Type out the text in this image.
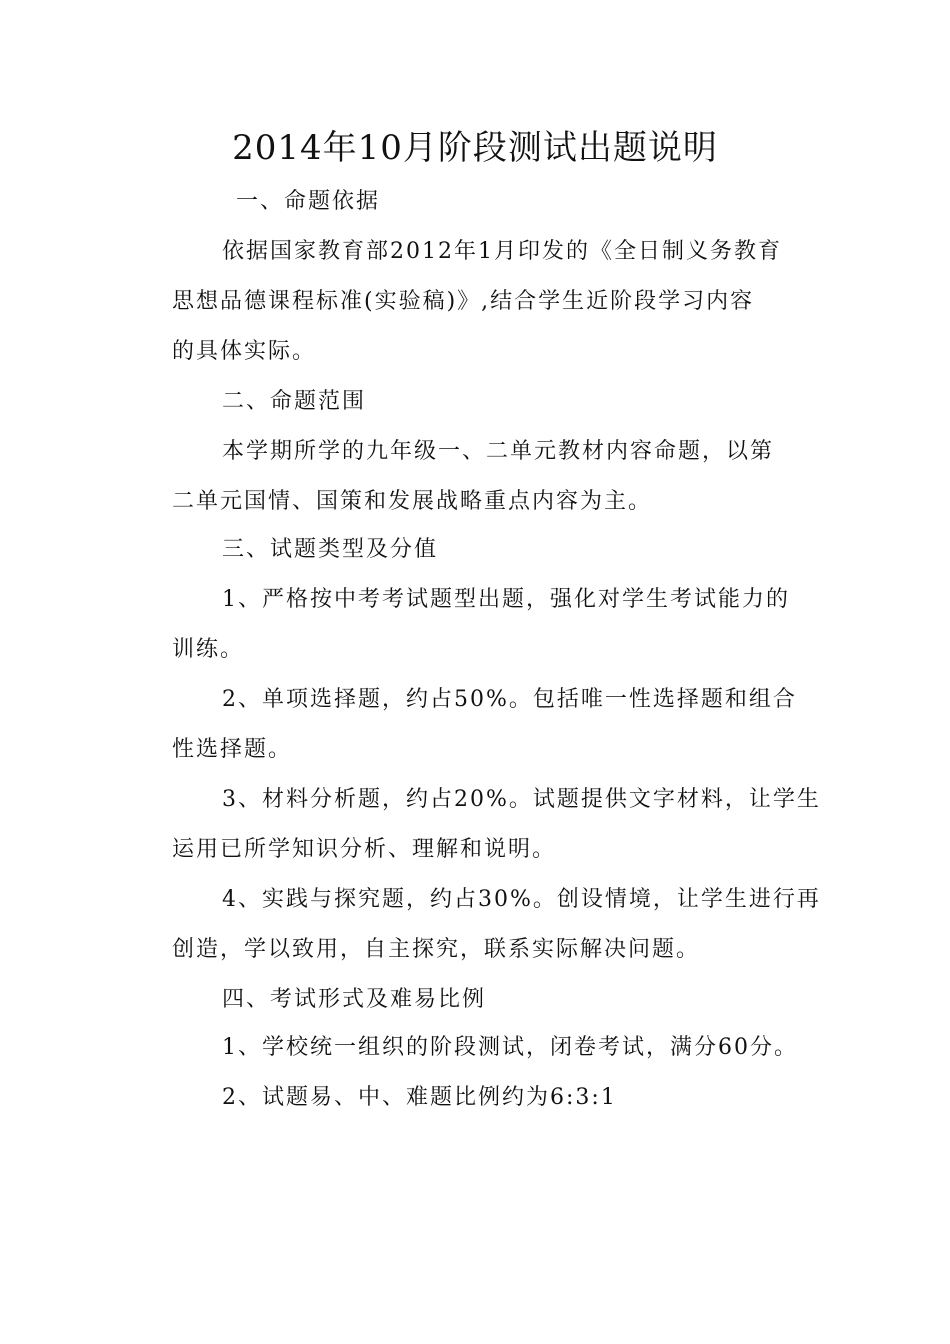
2014年10月阶段测试出题说明
一、命题依据
依据国家教育部2012年1月印发的《全日制义务教育
思想品德课程标准(实验稿)》,结合学生近阶段学习内容
的具体实际。
二、命题范围
本学期所学的九年级一、二单元教材内容命题，以第
二单元国情、国策和发展战略重点内容为主。
三、试题类型及分值
1、严格按中考考试题型出题，强化对学生考试能力的
训练。
2、单项选择题，约占50%。包括唯一性选择题和组合
性选择题。
3、材料分析题，约占20%。试题提供文字材料，让学生
运用已所学知识分析、理解和说明。
4、实践与探究题，约占30%。创设情境，让学生进行再
创造，学以致用，自主探究，联系实际解决问题。
四、考试形式及难易比例
1、学校统一组织的阶段测试，闭卷考试，满分60分。
2、试题易、中、难题比例约为6:3:1
